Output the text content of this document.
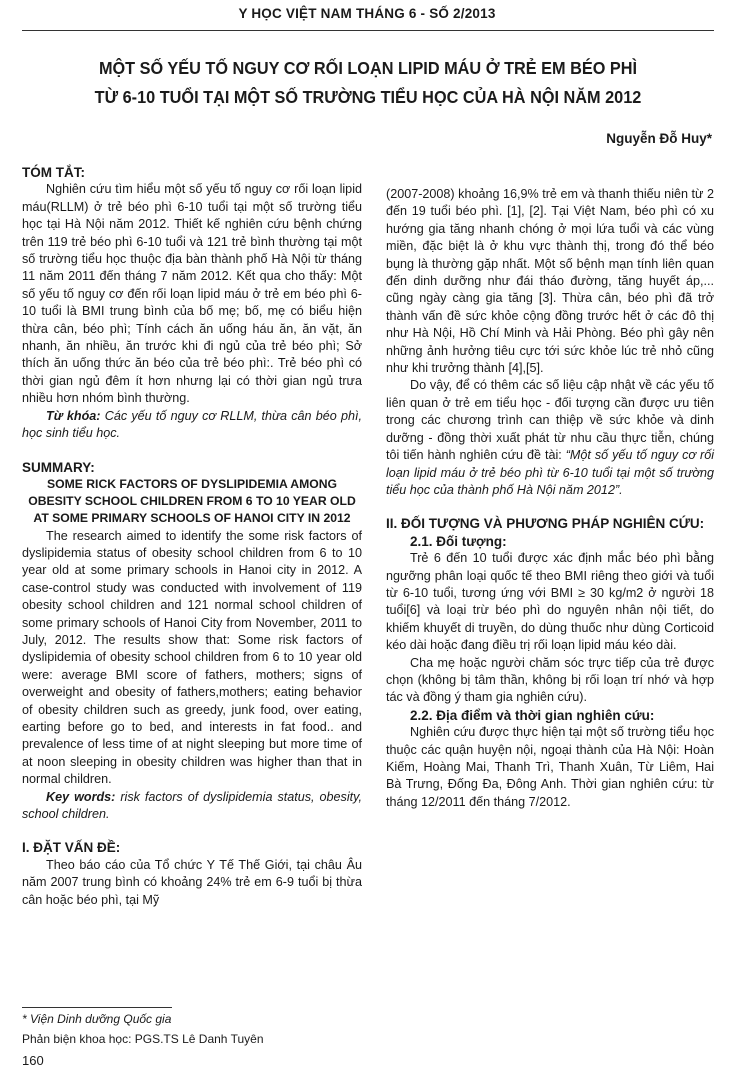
Y HỌC VIỆT NAM THÁNG 6 - SỐ 2/2013
MỘT SỐ YẾU TỐ NGUY CƠ RỐI LOẠN LIPID MÁU Ở TRẺ EM BÉO PHÌ
TỪ 6-10 TUỔI TẠI MỘT SỐ TRƯỜNG TIỂU HỌC CỦA HÀ NỘI NĂM 2012
Nguyễn Đỗ Huy*

TÓM TẮT:

Nghiên cứu tìm hiểu một số yếu tố nguy cơ rối loạn lipid máu(RLLM) ở trẻ béo phì 6-10 tuổi tại một số trường tiểu học tại Hà Nội năm 2012. Thiết kế nghiên cứu bệnh chứng trên 119 trẻ béo phì 6-10 tuổi và 121 trẻ bình thường tại một số trường tiểu học thuộc địa bàn thành phố Hà Nội từ tháng 11 năm 2011 đến tháng 7 năm 2012. Kết qua cho thấy: Một số yếu tố nguy cơ đến rối loạn lipid máu ở trẻ em béo phì 6-10 tuổi là BMI trung bình của bố mẹ; bố, mẹ có biểu hiện thừa cân, béo phì; Tính cách ăn uống háu ăn, ăn vặt, ăn nhanh, ăn nhiều, ăn trước khi đi ngủ của trẻ béo phì; Sở thích ăn uống thức ăn béo của trẻ béo phì:. Trẻ béo phì có thời gian ngủ đêm ít hơn nhưng lại có thời gian ngủ trưa nhiều hơn nhóm bình thường.

Từ khóa: Các yếu tố nguy cơ RLLM, thừa cân béo phì, học sinh tiểu học.

SUMMARY:

SOME RICK FACTORS OF DYSLIPIDEMIA AMONG OBESITY SCHOOL CHILDREN FROM 6 TO 10 YEAR OLD AT SOME PRIMARY SCHOOLS OF HANOI CITY IN 2012

The research aimed to identify the some risk factors of dyslipidemia status of obesity school children from 6 to 10 year old at some primary schools in Hanoi city in 2012. A case-control study was conducted with involvement of 119 obesity school children and 121 normal school children of some primary schools of Hanoi City from November, 2011 to July, 2012. The results show that: Some risk factors of dyslipidemia of obesity school children from 6 to 10 year old were: average BMI score of fathers, mothers; signs of overweight and obesity of fathers,mothers; eating behavior of obesity children such as greedy, junk food, over eating, earting before go to bed, and interests in fat food.. and prevalence of less time of at night sleeping but more time of at noon sleeping in obesity children was higher than that in normal children.

Key words: risk factors of dyslipidemia status, obesity, school children.

I. ĐẶT VẤN ĐỀ:

Theo báo cáo của Tổ chức Y Tế Thế Giới, tại châu Âu năm 2007 trung bình có khoảng 24% trẻ em 6-9 tuổi bị thừa cân hoặc béo phì, tại Mỹ

(2007-2008) khoảng 16,9% trẻ em và thanh thiếu niên từ 2 đến 19 tuổi béo phì. [1], [2]. Tại Việt Nam, béo phì có xu hướng gia tăng nhanh chóng ở mọi lứa tuổi và các vùng miền, đặc biệt là ở khu vực thành thị, trong đó thể béo bụng là thường gặp nhất. Một số bệnh mạn tính liên quan đến dinh dưỡng như đái tháo đường, tăng huyết áp,... cũng ngày càng gia tăng [3]. Thừa cân, béo phì đã trở thành vấn đề sức khỏe cộng đồng trước hết ở các đô thị như Hà Nội, Hồ Chí Minh và Hải Phòng. Béo phì gây nên những ảnh hưởng tiêu cực tới sức khỏe lúc trẻ nhỏ cũng như khi trưởng thành [4],[5].

Do vậy, để có thêm các số liệu cập nhật về các yếu tố liên quan ở trẻ em tiểu học - đối tượng cần được ưu tiên trong các chương trình can thiệp về sức khỏe và dinh dưỡng - đồng thời xuất phát từ nhu cầu thực tiễn, chúng tôi tiến hành nghiên cứu đề tài: “Một số yếu tố nguy cơ rối loạn lipid máu ở trẻ béo phì từ 6-10 tuổi tại một số trường tiểu học của thành phố Hà Nội năm 2012”.

II. ĐỐI TƯỢNG VÀ PHƯƠNG PHÁP NGHIÊN CỨU:

2.1. Đối tượng:

Trẻ 6 đến 10 tuổi được xác định mắc béo phì bằng ngưỡng phân loại quốc tế theo BMI riêng theo giới và tuổi từ 6-10 tuổi, tương ứng với BMI ≥ 30 kg/m2 ở người 18 tuổi[6] và loại trừ béo phì do nguyên nhân nội tiết, do khiếm khuyết di truyền, do dùng thuốc như dùng Corticoid kéo dài hoặc đang điều trị rối loạn lipid máu kéo dài.

Cha mẹ hoặc người chăm sóc trực tiếp của trẻ được chọn (không bị tâm thần, không bị rối loạn trí nhớ và hợp tác và đồng ý tham gia nghiên cứu).

2.2. Địa điểm và thời gian nghiên cứu:

Nghiên cứu được thực hiện tại một số trường tiểu học thuộc các quận huyện nội, ngoại thành của Hà Nội: Hoàn Kiếm, Hoàng Mai, Thanh Trì, Thanh Xuân, Từ Liêm, Hai Bà Trưng, Đống Đa, Đông Anh. Thời gian nghiên cứu: từ tháng 12/2011 đến tháng 7/2012.

* Viện Dinh dưỡng Quốc gia
Phản biện khoa học: PGS.TS Lê Danh Tuyên
160
